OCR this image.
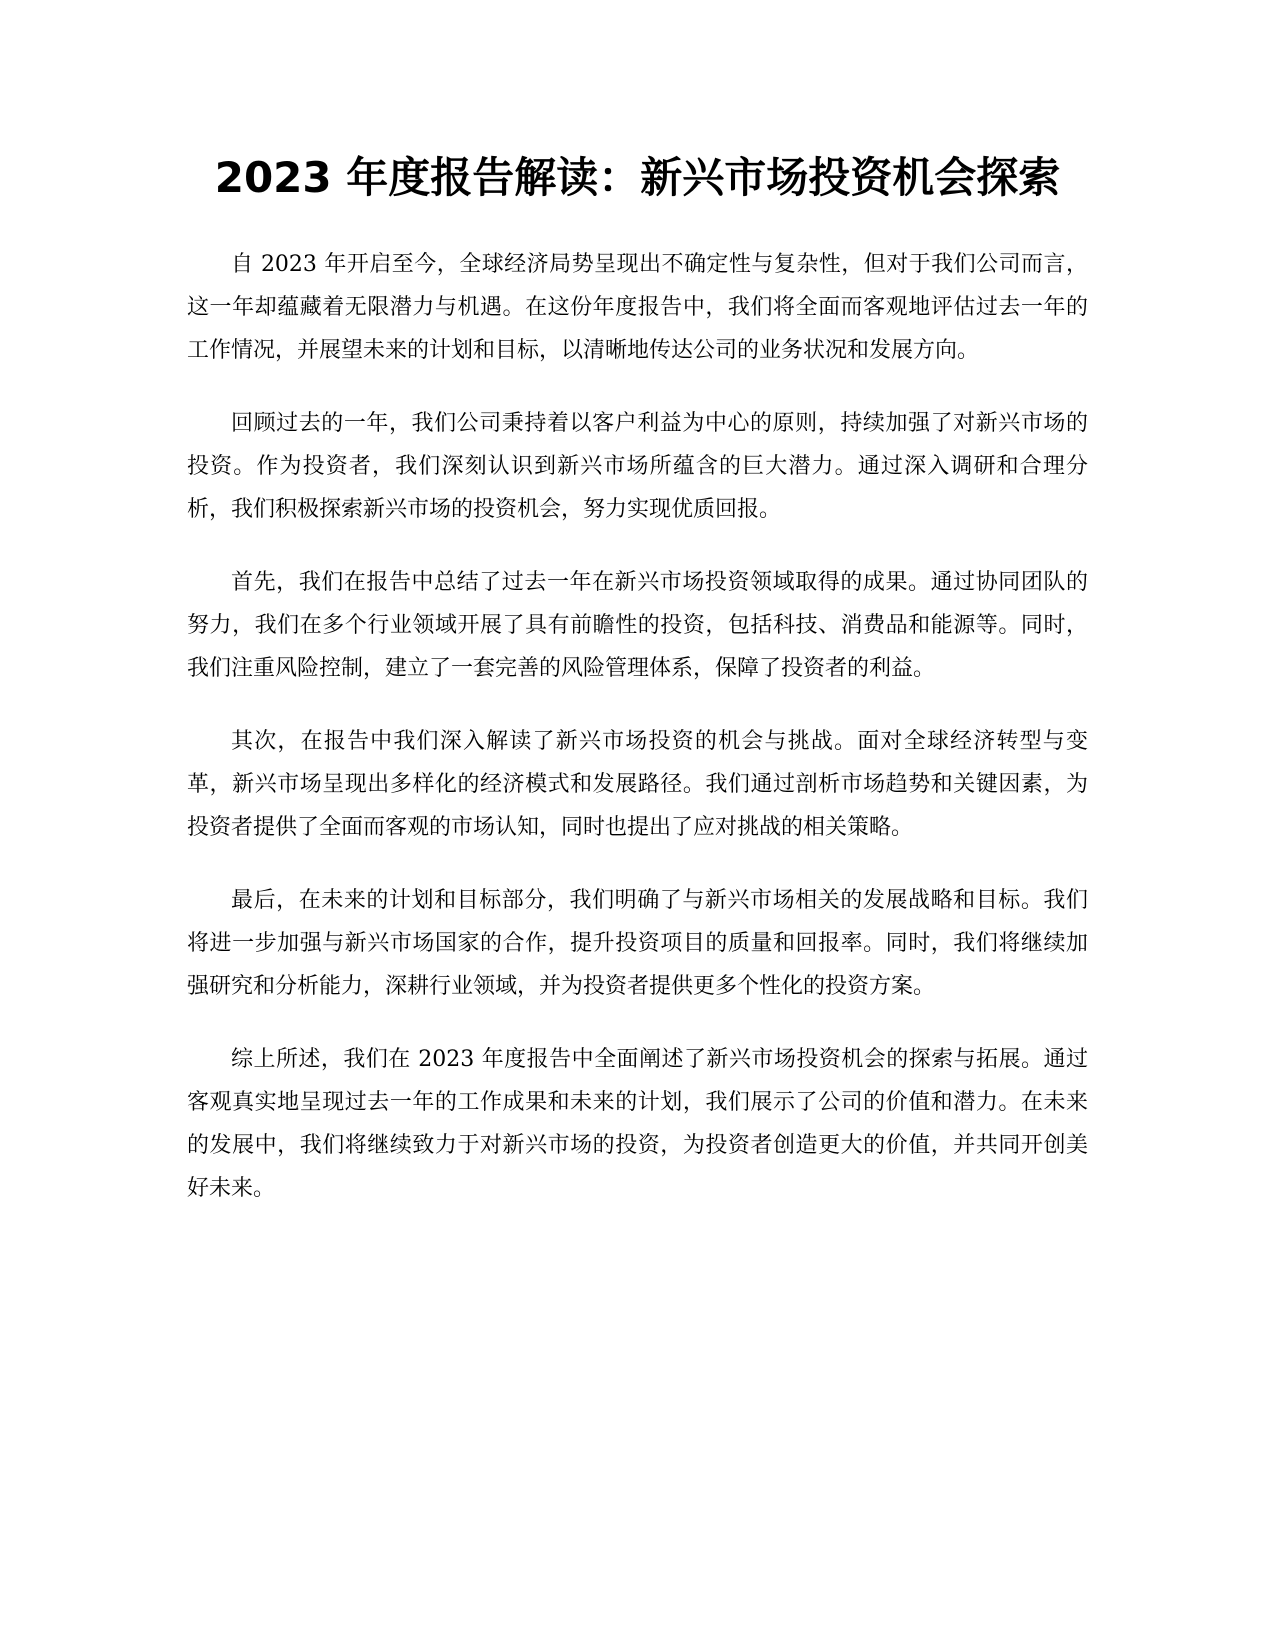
2023 年度报告解读：新兴市场投资机会探索

自 2023 年开启至今，全球经济局势呈现出不确定性与复杂性，但对于我们公司而言，这一年却蕴藏着无限潜力与机遇。在这份年度报告中，我们将全面而客观地评估过去一年的工作情况，并展望未来的计划和目标，以清晰地传达公司的业务状况和发展方向。

回顾过去的一年，我们公司秉持着以客户利益为中心的原则，持续加强了对新兴市场的投资。作为投资者，我们深刻认识到新兴市场所蕴含的巨大潜力。通过深入调研和合理分析，我们积极探索新兴市场的投资机会，努力实现优质回报。

首先，我们在报告中总结了过去一年在新兴市场投资领域取得的成果。通过协同团队的努力，我们在多个行业领域开展了具有前瞻性的投资，包括科技、消费品和能源等。同时，我们注重风险控制，建立了一套完善的风险管理体系，保障了投资者的利益。

其次，在报告中我们深入解读了新兴市场投资的机会与挑战。面对全球经济转型与变革，新兴市场呈现出多样化的经济模式和发展路径。我们通过剖析市场趋势和关键因素，为投资者提供了全面而客观的市场认知，同时也提出了应对挑战的相关策略。

最后，在未来的计划和目标部分，我们明确了与新兴市场相关的发展战略和目标。我们将进一步加强与新兴市场国家的合作，提升投资项目的质量和回报率。同时，我们将继续加强研究和分析能力，深耕行业领域，并为投资者提供更多个性化的投资方案。

综上所述，我们在 2023 年度报告中全面阐述了新兴市场投资机会的探索与拓展。通过客观真实地呈现过去一年的工作成果和未来的计划，我们展示了公司的价值和潜力。在未来的发展中，我们将继续致力于对新兴市场的投资，为投资者创造更大的价值，并共同开创美好未来。
